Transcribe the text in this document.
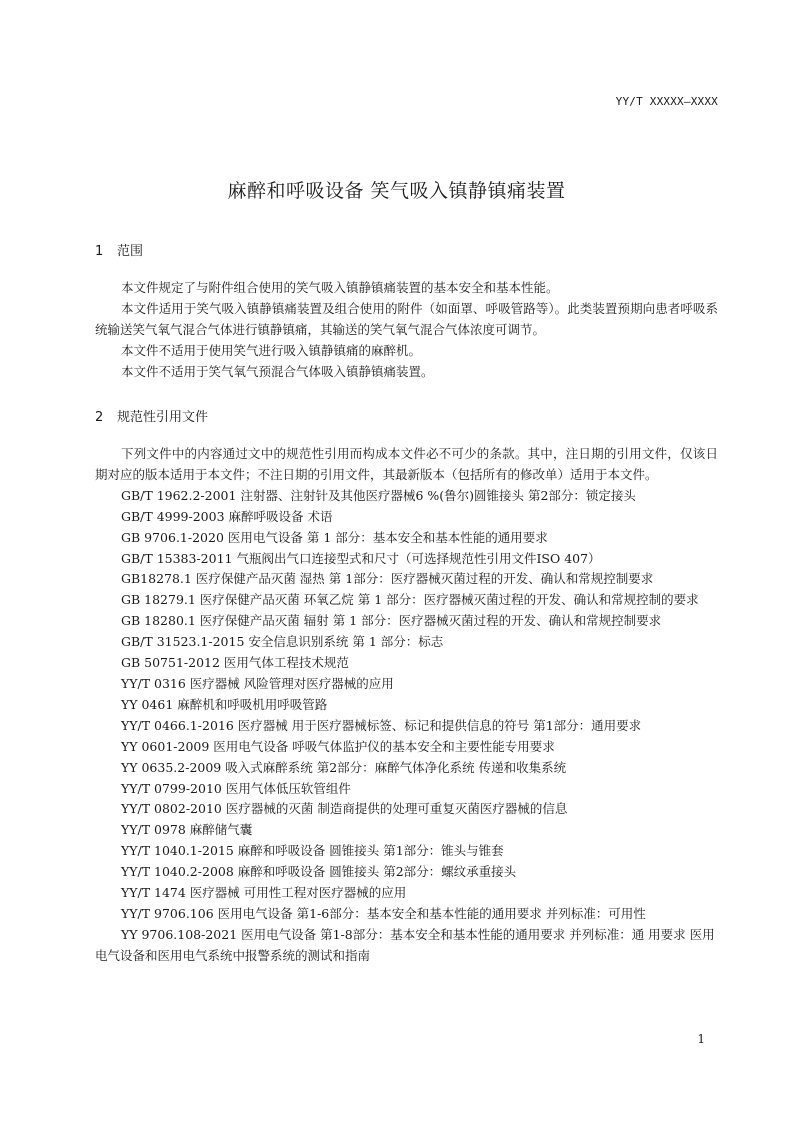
YY/T XXXXX—XXXX
麻醉和呼吸设备 笑气吸入镇静镇痛装置
1 范围

本文件规定了与附件组合使用的笑气吸入镇静镇痛装置的基本安全和基本性能。

本文件适用于笑气吸入镇静镇痛装置及组合使用的附件（如面罩、呼吸管路等）。此类装置预期向患者呼吸系统输送笑气氧气混合气体进行镇静镇痛，其输送的笑气氧气混合气体浓度可调节。

本文件不适用于使用笑气进行吸入镇静镇痛的麻醉机。

本文件不适用于笑气氧气预混合气体吸入镇静镇痛装置。

2 规范性引用文件

下列文件中的内容通过文中的规范性引用而构成本文件必不可少的条款。其中，注日期的引用文件，仅该日期对应的版本适用于本文件；不注日期的引用文件，其最新版本（包括所有的修改单）适用于本文件。

GB/T 1962.2-2001 注射器、注射针及其他医疗器械6 %(鲁尔)圆锥接头 第2部分：锁定接头

GB/T 4999-2003 麻醉呼吸设备 术语

GB 9706.1-2020 医用电气设备 第 1 部分：基本安全和基本性能的通用要求

GB/T 15383-2011 气瓶阀出气口连接型式和尺寸（可选择规范性引用文件ISO 407）

GB18278.1 医疗保健产品灭菌 湿热 第 1部分：医疗器械灭菌过程的开发、确认和常规控制要求

GB 18279.1 医疗保健产品灭菌 环氧乙烷 第 1 部分：医疗器械灭菌过程的开发、确认和常规控制的要求

GB 18280.1 医疗保健产品灭菌 辐射 第 1 部分：医疗器械灭菌过程的开发、确认和常规控制要求

GB/T 31523.1-2015 安全信息识别系统 第 1 部分：标志

GB 50751-2012 医用气体工程技术规范

YY/T 0316 医疗器械 风险管理对医疗器械的应用

YY 0461 麻醉机和呼吸机用呼吸管路

YY/T 0466.1-2016 医疗器械 用于医疗器械标签、标记和提供信息的符号 第1部分：通用要求

YY 0601-2009 医用电气设备 呼吸气体监护仪的基本安全和主要性能专用要求

YY 0635.2-2009 吸入式麻醉系统 第2部分：麻醉气体净化系统 传递和收集系统

YY/T 0799-2010 医用气体低压软管组件

YY/T 0802-2010 医疗器械的灭菌 制造商提供的处理可重复灭菌医疗器械的信息

YY/T 0978 麻醉储气囊

YY/T 1040.1-2015 麻醉和呼吸设备 圆锥接头 第1部分：锥头与锥套

YY/T 1040.2-2008 麻醉和呼吸设备 圆锥接头 第2部分：螺纹承重接头

YY/T 1474 医疗器械 可用性工程对医疗器械的应用

YY/T 9706.106 医用电气设备 第1-6部分：基本安全和基本性能的通用要求 并列标准：可用性

YY 9706.108-2021 医用电气设备 第1-8部分：基本安全和基本性能的通用要求 并列标准：通 用要求 医用电气设备和医用电气系统中报警系统的测试和指南

1
